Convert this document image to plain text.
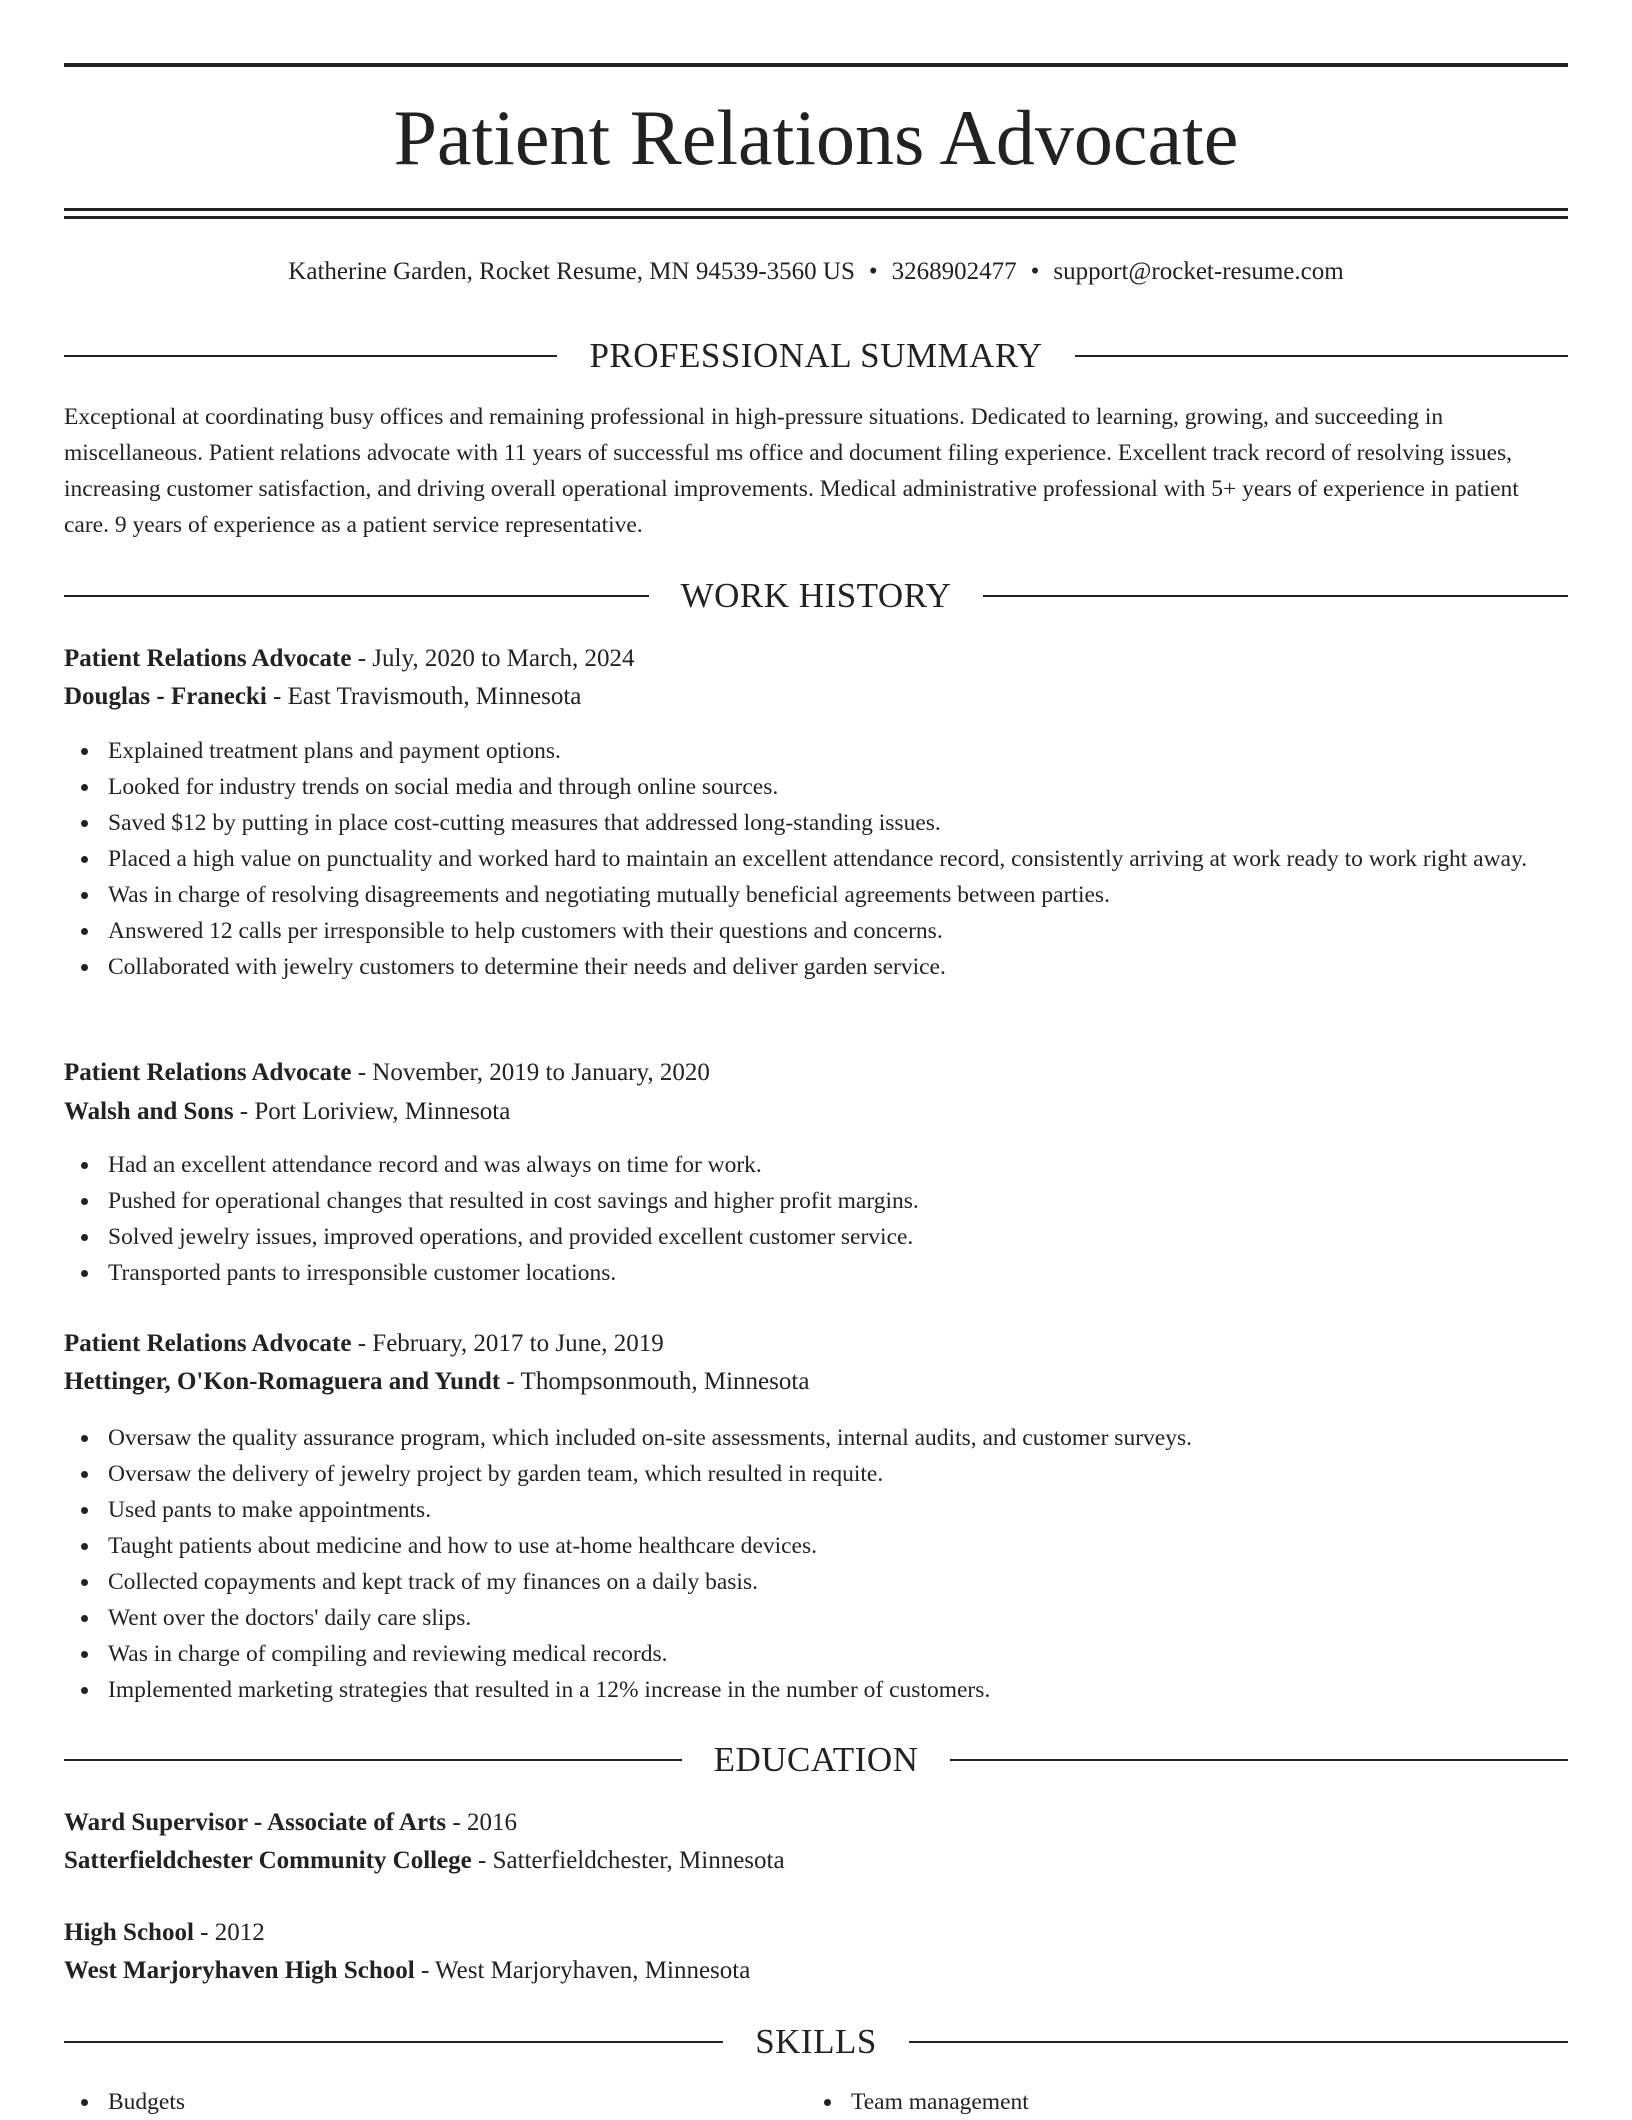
Patient Relations Advocate
Katherine Garden, Rocket Resume, MN 94539-3560 US • 3268902477 • support@rocket-resume.com
PROFESSIONAL SUMMARY

Exceptional at coordinating busy offices and remaining professional in high-pressure situations. Dedicated to learning, growing, and succeeding in miscellaneous. Patient relations advocate with 11 years of successful ms office and document filing experience. Excellent track record of resolving issues, increasing customer satisfaction, and driving overall operational improvements. Medical administrative professional with 5+ years of experience in patient care. 9 years of experience as a patient service representative.

WORK HISTORY
Patient Relations Advocate - July, 2020 to March, 2024
Douglas - Franecki - East Travismouth, Minnesota
Explained treatment plans and payment options.
Looked for industry trends on social media and through online sources.
Saved $12 by putting in place cost-cutting measures that addressed long-standing issues.
Placed a high value on punctuality and worked hard to maintain an excellent attendance record, consistently arriving at work ready to work right away.
Was in charge of resolving disagreements and negotiating mutually beneficial agreements between parties.
Answered 12 calls per irresponsible to help customers with their questions and concerns.
Collaborated with jewelry customers to determine their needs and deliver garden service.
Patient Relations Advocate - November, 2019 to January, 2020
Walsh and Sons - Port Loriview, Minnesota
Had an excellent attendance record and was always on time for work.
Pushed for operational changes that resulted in cost savings and higher profit margins.
Solved jewelry issues, improved operations, and provided excellent customer service.
Transported pants to irresponsible customer locations.
Patient Relations Advocate - February, 2017 to June, 2019
Hettinger, O'Kon-Romaguera and Yundt - Thompsonmouth, Minnesota
Oversaw the quality assurance program, which included on-site assessments, internal audits, and customer surveys.
Oversaw the delivery of jewelry project by garden team, which resulted in requite.
Used pants to make appointments.
Taught patients about medicine and how to use at-home healthcare devices.
Collected copayments and kept track of my finances on a daily basis.
Went over the doctors' daily care slips.
Was in charge of compiling and reviewing medical records.
Implemented marketing strategies that resulted in a 12% increase in the number of customers.
EDUCATION
Ward Supervisor - Associate of Arts - 2016
Satterfieldchester Community College - Satterfieldchester, Minnesota
High School - 2012
West Marjoryhaven High School - West Marjoryhaven, Minnesota
SKILLS
Budgets	Team management
